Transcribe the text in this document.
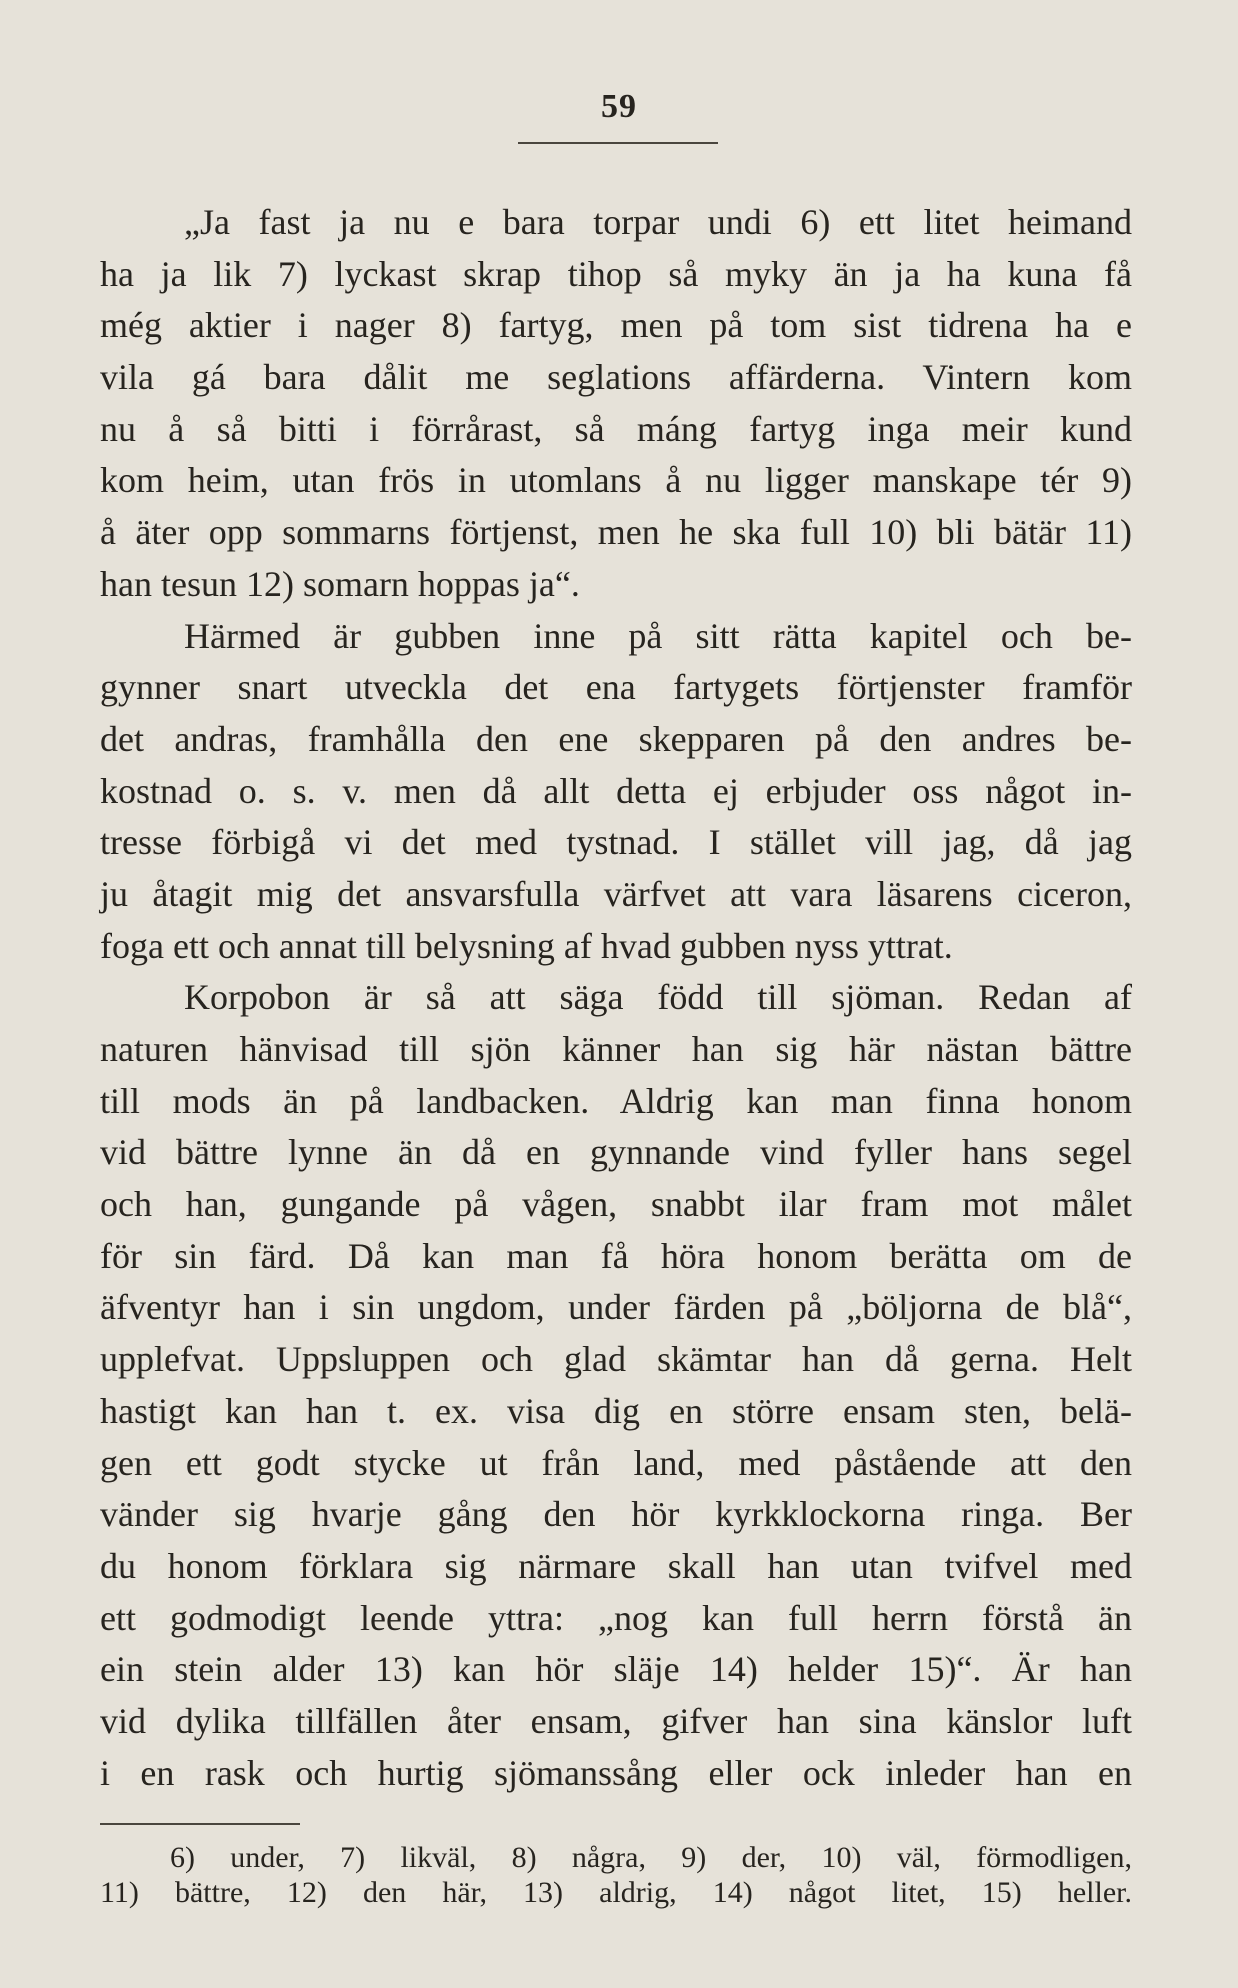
59
„Ja fast ja nu e bara torpar undi 6) ett litet heimand
ha ja lik 7) lyckast skrap tihop så myky än ja ha kuna få
még aktier i nager 8) fartyg, men på tom sist tidrena ha e
vila gá bara dålit me seglations affärderna. Vintern kom
nu å så bitti i förrårast, så máng fartyg inga meir kund
kom heim, utan frös in utomlans å nu ligger manskape tér 9)
å äter opp sommarns förtjenst, men he ska full 10) bli bätär 11)
han tesun 12) somarn hoppas ja“.
Härmed är gubben inne på sitt rätta kapitel och be-
gynner snart utveckla det ena fartygets förtjenster framför
det andras, framhålla den ene skepparen på den andres be-
kostnad o. s. v. men då allt detta ej erbjuder oss något in-
tresse förbigå vi det med tystnad. I stället vill jag, då jag
ju åtagit mig det ansvarsfulla värfvet att vara läsarens ciceron,
foga ett och annat till belysning af hvad gubben nyss yttrat.
Korpobon är så att säga född till sjöman. Redan af
naturen hänvisad till sjön känner han sig här nästan bättre
till mods än på landbacken. Aldrig kan man finna honom
vid bättre lynne än då en gynnande vind fyller hans segel
och han, gungande på vågen, snabbt ilar fram mot målet
för sin färd. Då kan man få höra honom berätta om de
äfventyr han i sin ungdom, under färden på „böljorna de blå“,
upplefvat. Uppsluppen och glad skämtar han då gerna. Helt
hastigt kan han t. ex. visa dig en större ensam sten, belä-
gen ett godt stycke ut från land, med påstående att den
vänder sig hvarje gång den hör kyrkklockorna ringa. Ber
du honom förklara sig närmare skall han utan tvifvel med
ett godmodigt leende yttra: „nog kan full herrn förstå än
ein stein alder 13) kan hör släje 14) helder 15)“. Är han
vid dylika tillfällen åter ensam, gifver han sina känslor luft
i en rask och hurtig sjömanssång eller ock inleder han en
6) under, 7) likväl, 8) några, 9) der, 10) väl, förmodligen,
11) bättre, 12) den här, 13) aldrig, 14) något litet, 15) heller.
